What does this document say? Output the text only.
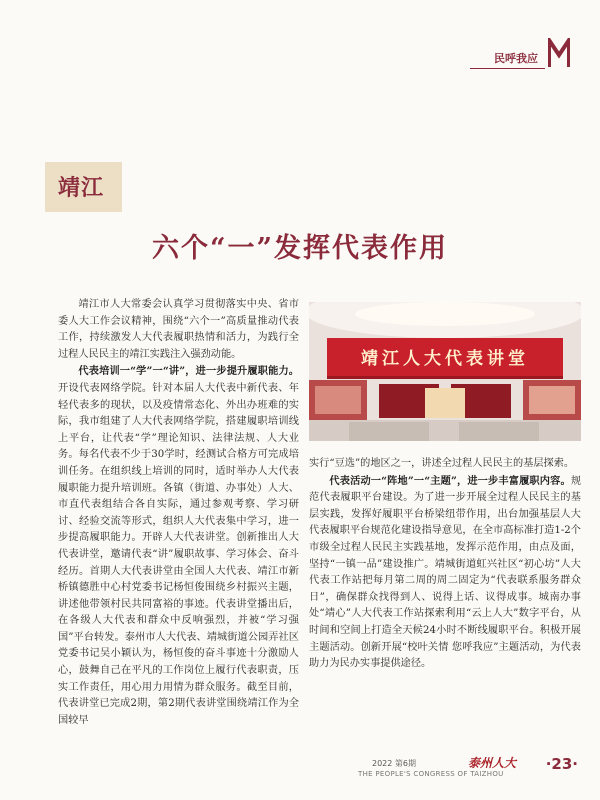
民呼我应
靖江
六个“一”发挥代表作用
靖江人大代表讲堂

靖江市人大常委会认真学习贯彻落实中央、省市委人大工作会议精神，围绕“六个一”高质量推动代表工作，持续激发人大代表履职热情和活力，为践行全过程人民民主的靖江实践注入强劲动能。

代表培训一“学”一“讲”，进一步提升履职能力。开设代表网络学院。针对本届人大代表中新代表、年轻代表多的现状，以及疫情常态化、外出办班难的实际，我市组建了人大代表网络学院，搭建履职培训线上平台，让代表“学”理论知识、法律法规、人大业务。每名代表不少于30学时，经测试合格方可完成培训任务。在组织线上培训的同时，适时举办人大代表履职能力提升培训班。各镇（街道、办事处）人大、市直代表组结合各自实际，通过参观考察、学习研讨、经验交流等形式，组织人大代表集中学习，进一步提高履职能力。开辟人大代表讲堂。创新推出人大代表讲堂，邀请代表“讲”履职故事、学习体会、奋斗经历。首期人大代表讲堂由全国人大代表、靖江市新桥镇德胜中心村党委书记杨恒俊围绕乡村振兴主题，讲述他带领村民共同富裕的事迹。代表讲堂播出后，在各级人大代表和群众中反响强烈，并被“学习强国”平台转发。泰州市人大代表、靖城街道公园弄社区党委书记吴小颖认为，杨恒俊的奋斗事迹十分激励人心，鼓舞自己在平凡的工作岗位上履行代表职责，压实工作责任，用心用力用情为群众服务。截至目前，代表讲堂已完成2期，第2期代表讲堂围绕靖江作为全国较早

实行“豆选”的地区之一，讲述全过程人民民主的基层探索。

代表活动一“阵地”一“主题”，进一步丰富履职内容。规范代表履职平台建设。为了进一步开展全过程人民民主的基层实践，发挥好履职平台桥梁纽带作用，出台加强基层人大代表履职平台规范化建设指导意见，在全市高标准打造1-2个市级全过程人民民主实践基地，发挥示范作用，由点及面，坚持“一镇一品”建设推广。靖城街道虹兴社区“初心坊”人大代表工作站把每月第二周的周二固定为“代表联系服务群众日”，确保群众找得到人、说得上话、议得成事。城南办事处“靖心”人大代表工作站探索利用“云上人大”数字平台，从时间和空间上打造全天候24小时不断线履职平台。积极开展主题活动。创新开展“校叶关情 您呼我应”主题活动，为代表助力为民办实事提供途径。

2022 第6期	泰州人大
THE PEOPLE'S CONGRESS OF TAIZHOU
·23·
